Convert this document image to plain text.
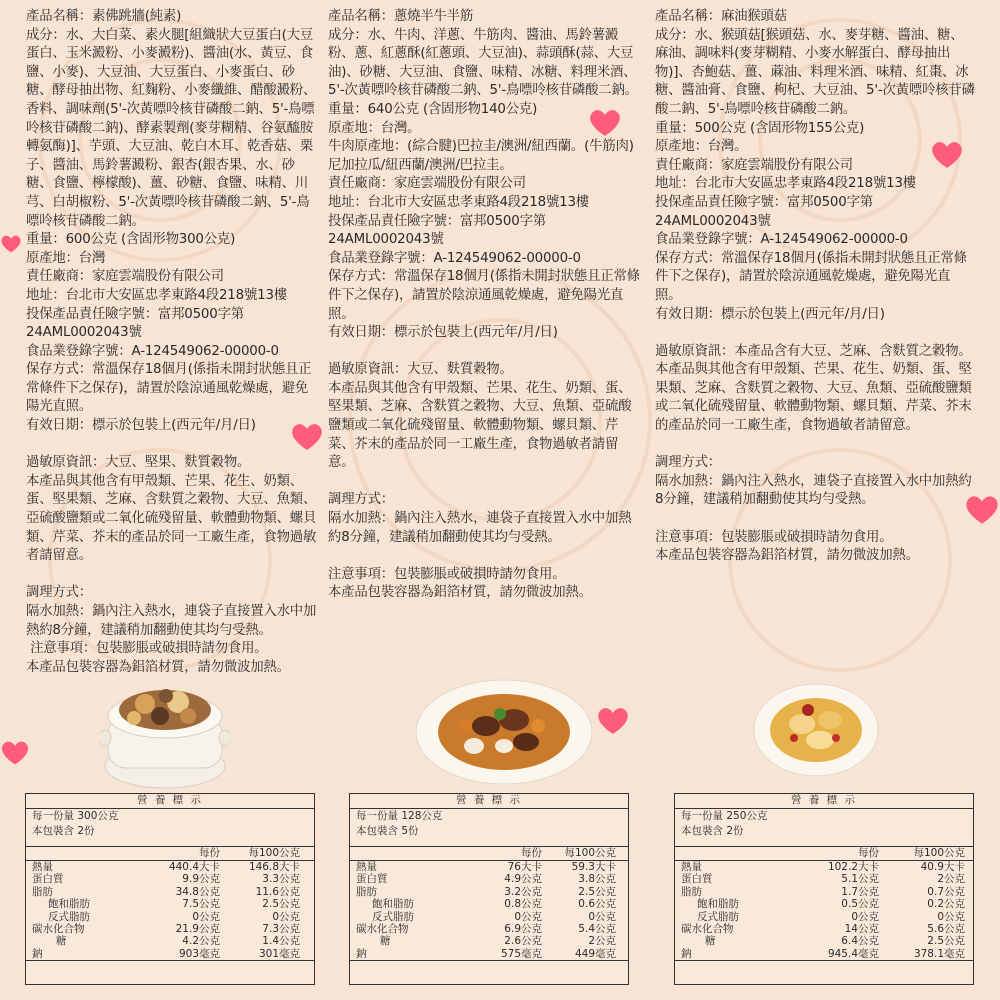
產品名稱：素佛跳牆(純素)
成分：水、大白菜、素火腿[組織狀大豆蛋白(大豆蛋白、玉米澱粉、小麥澱粉)、醬油(水、黃豆、食鹽、小麥)、大豆油、大豆蛋白、小麥蛋白、砂糖、酵母抽出物、紅麴粉、小麥纖維、醋酸澱粉、香料、調味劑(5'-次黃嘌呤核苷磷酸二鈉、5'-鳥嘌呤核苷磷酸二鈉)、酵素製劑(麥芽糊精、谷氨醯胺轉氨酶)]、芋頭、大豆油、乾白木耳、乾香菇、栗子、醬油、馬鈴薯澱粉、銀杏(銀杏果、水、砂糖、食鹽、檸檬酸)、薑、砂糖、食鹽、味精、川芎、白胡椒粉、5'-次黃嘌呤核苷磷酸二鈉、5'-鳥嘌呤核苷磷酸二鈉。
重量：600公克 (含固形物300公克)
原產地：台灣
責任廠商：家庭雲端股份有限公司
地址：台北市大安區忠孝東路4段218號13樓
投保產品責任險字號：富邦0500字第24AML0002043號
食品業登錄字號：A-124549062-00000-0
保存方式：常溫保存18個月(係指未開封狀態且正常條件下之保存)，請置於陰涼通風乾燥處，避免陽光直照。
有效日期：標示於包裝上(西元年/月/日)

過敏原資訊：大豆、堅果、麩質穀物。
本產品與其他含有甲殼類、芒果、花生、奶類、蛋、堅果類、芝麻、含麩質之穀物、大豆、魚類、亞硫酸鹽類或二氧化硫殘留量、軟體動物類、螺貝類、芹菜、芥末的產品於同一工廠生產，食物過敏者請留意。

調理方式：
隔水加熱：鍋內注入熱水，連袋子直接置入水中加熱約8分鐘，建議稍加翻動使其均勻受熱。
注意事項：包裝膨脹或破損時請勿食用。
本產品包裝容器為鋁箔材質，請勿微波加熱。

產品名稱：蔥燒半牛半筋
成分：水、牛肉、洋蔥、牛筋肉、醬油、馬鈴薯澱粉、蔥、紅蔥酥(紅蔥頭、大豆油)、蒜頭酥(蒜、大豆油)、砂糖、大豆油、食鹽、味精、冰糖、料理米酒、5'-次黃嘌呤核苷磷酸二鈉、5'-鳥嘌呤核苷磷酸二鈉。
重量：640公克 (含固形物140公克)
原產地：台灣。
牛肉原產地：(綜合腱)巴拉圭/澳洲/紐西蘭。(牛筋肉)尼加拉瓜/紐西蘭/澳洲/巴拉圭。
責任廠商：家庭雲端股份有限公司
地址：台北市大安區忠孝東路4段218號13樓
投保產品責任險字號：富邦0500字第24AML0002043號
食品業登錄字號：A-124549062-00000-0
保存方式：常溫保存18個月(係指未開封狀態且正常條件下之保存)，請置於陰涼通風乾燥處，避免陽光直照。
有效日期：標示於包裝上(西元年/月/日)

過敏原資訊：大豆、麩質穀物。
本產品與其他含有甲殼類、芒果、花生、奶類、蛋、堅果類、芝麻、含麩質之穀物、大豆、魚類、亞硫酸鹽類或二氧化硫殘留量、軟體動物類、螺貝類、芹菜、芥末的產品於同一工廠生產，食物過敏者請留意。

調理方式：
隔水加熱：鍋內注入熱水，連袋子直接置入水中加熱約8分鐘，建議稍加翻動使其均勻受熱。

注意事項：包裝膨脹或破損時請勿食用。
本產品包裝容器為鋁箔材質，請勿微波加熱。

產品名稱：麻油猴頭菇
成分：水、猴頭菇[猴頭菇、水、麥芽糖、醬油、糖、麻油、調味料(麥芽糊精、小麥水解蛋白、酵母抽出物)]、杏鮑菇、薑、蔴油、料理米酒、味精、紅棗、冰糖、醬油膏、食鹽、枸杞、大豆油、5'-次黃嘌呤核苷磷酸二鈉、5'-鳥嘌呤核苷磷酸二鈉。
重量：500公克 (含固形物155公克)
原產地：台灣。
責任廠商：家庭雲端股份有限公司
地址：台北市大安區忠孝東路4段218號13樓
投保產品責任險字號：富邦0500字第24AML0002043號
食品業登錄字號：A-124549062-00000-0
保存方式：常溫保存18個月(係指未開封狀態且正常條件下之保存)，請置於陰涼通風乾燥處，避免陽光直照。
有效日期：標示於包裝上(西元年/月/日)

過敏原資訊：本產品含有大豆、芝麻、含麩質之穀物。
本產品與其他含有甲殼類、芒果、花生、奶類、蛋、堅果類、芝麻、含麩質之穀物、大豆、魚類、亞硫酸鹽類或二氧化硫殘留量、軟體動物類、螺貝類、芹菜、芥末的產品於同一工廠生產，食物過敏者請留意。

調理方式：
隔水加熱：鍋內注入熱水，連袋子直接置入水中加熱約8分鐘，建議稍加翻動使其均勻受熱。

注意事項：包裝膨脹或破損時請勿食用。
本產品包裝容器為鋁箔材質，請勿微波加熱。

營 養 標 示
每一份量 300公克
本包裝含 2份
每份	每100公克
熱量	440.4大卡	146.8大卡
蛋白質	9.9公克	3.3公克
脂肪	34.8公克	11.6公克
飽和脂肪	7.5公克	2.5公克
反式脂肪	0公克	0公克
碳水化合物	21.9公克	7.3公克
糖	4.2公克	1.4公克
鈉	903毫克	301毫克
營 養 標 示
每一份量 128公克
本包裝含 5份
每份	每100公克
熱量	76大卡	59.3大卡
蛋白質	4.9公克	3.8公克
脂肪	3.2公克	2.5公克
飽和脂肪	0.8公克	0.6公克
反式脂肪	0公克	0公克
碳水化合物	6.9公克	5.4公克
糖	2.6公克	2公克
鈉	575毫克	449毫克
營 養 標 示
每一份量 250公克
本包裝含 2份
每份	每100公克
熱量	102.2大卡	40.9大卡
蛋白質	5.1公克	2公克
脂肪	1.7公克	0.7公克
飽和脂肪	0.5公克	0.2公克
反式脂肪	0公克	0公克
碳水化合物	14公克	5.6公克
糖	6.4公克	2.5公克
鈉	945.4毫克	378.1毫克
